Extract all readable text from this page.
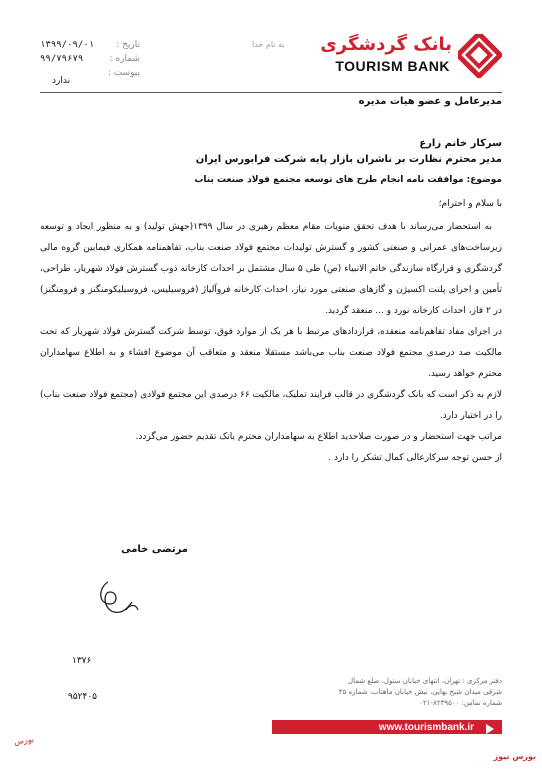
به نام خدا
۱۳۹۹/۰۹/۰۱ تاریخ :
۹۹/۷۹۶۷۹	شماره :
پیوست :
ندارد
بانک گردشگری
TOURISM BANK
مدیرعامل و عضو هیات مدیره
سرکار خانم زارع
مدیر محترم نظارت بر ناشران بازار پایه شرکت فرابورس ایران
موضوع: موافقت نامه انجام طرح های توسعه مجتمع فولاد صنعت بناب
با سلام و احترام؛

به استحضار می‌رساند با هدف تحقق منویات مقام معظم رهبری در سال ۱۳۹۹(جهش تولید) و به منظور ایجاد و توسعه زیرساخت‌های عمرانی و صنعتی کشور و گسترش تولیدات مجتمع فولاد صنعت بناب، تفاهمنامه همکاری فیمابین گروه مالی گردشگری و قرارگاه سازندگی خاتم الانبیاء (ص) طی ۵ سال مشتمل بر احداث کارخانه ذوب گسترش فولاد شهریار، طراحی، تأمین و اجرای پلنت اکسیژن و گازهای صنعتی مورد نیاز، احداث کارخانه فروآلیاژ (فروسیلیس، فروسیلیکومنگنز و فرومنگنز) در ۲ فاز، احداث کارخانه نورد و ... منعقد گردید.

در اجرای مفاد تفاهم‌نامه منعقده، قراردادهای مرتبط با هر یک از موارد فوق، توسط شرکت گسترش فولاد شهریار که تحت مالکیت صد درصدی مجتمع فولاد صنعت بناب می‌باشد مستقلا منعقد و متعاقب آن موضوع افشاء و به اطلاع سهامداران محترم خواهد رسید.

لازم به ذکر است که بانک گردشگری در قالب فرایند تملیک، مالکیت ۶۶ درصدی این مجتمع فولادی (مجتمع فولاد صنعت بناب) را در اختیار دارد.

مراتب جهت استحضار و در صورت صلاحدید اطلاع به سهامداران محترم بانک تقدیم حضور می‌گردد.

از حسن توجه سرکارعالی کمال تشکر را دارد .

مرتضی خامی
۱۳۷۶
۹۵۲۴۰۵
دفتر مرکزی : تهران، انتهای خیابان ستول، ضلع شمال
شرقی میدان شیخ بهایی، نبش خیابان ماهتاب، شماره ۴۵
شماره تماس: ۸۲۳۹۵۰۰-۰۲۱
www.tourismbank.ir
بورس
بورس نیوز
